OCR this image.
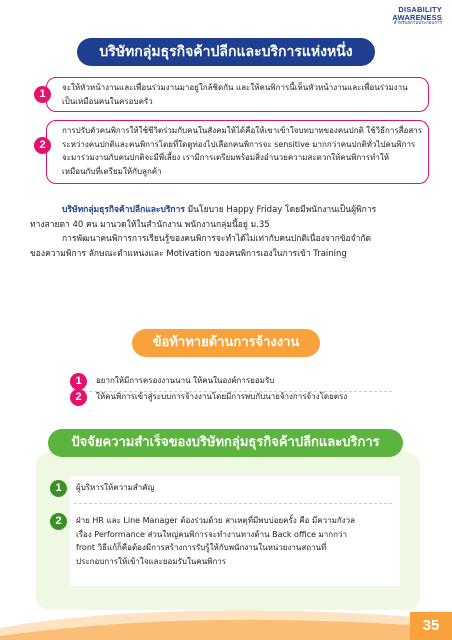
DISABILITY
AWARENESS
สำหรับสถานประกอบการ
บริษัทกลุ่มธุรกิจค้าปลีกและบริการแห่งหนึ่ง
1
จะให้หัวหน้างานและเพื่อนร่วมงานมาอยู่ใกล้ชิดกัน และให้คนพิการนี้เห็นหัวหน้างานและเพื่อนร่วมงาน
เป็นเหมือนคนในครอบครัว
2
การปรับตัวคนพิการให้ใช้ชีวิตร่วมกับคนในสังคมให้ได้คือให้เขาเข้าใจบทบาทของคนปกติ ใช้วิธีการสื่อสาร
ระหว่างคนปกติและคนพิการโดยที่ใดดูท่องไปเลือกคนพิการจะ sensitive มากกว่าคนปกติทั่วไปคนพิการ
จะมาร่วมงานกับคนปกติจะมีพี่เลี้ยง เรามีการเตรียมพร้อมสิ่งอำนวยความสะดวกให้คนพิการทำให้
เหมือนกับที่เตรียมให้กับลูกค้า
บริษัทกลุ่มธุรกิจค้าปลีกและบริการ มีนโยบาย Happy Friday โดยมีพนักงานเป็นผู้พิการ
ทางสายตา 40 คน มานวดให้ในสำนักงาน พนักงานกลุ่มนี้อยู่ ม.35
การพัฒนาคนพิการการเรียนรู้ของคนพิการจะทำได้ไม่เท่ากับคนปกติเนื่องจากข้อจำกัด
ของความพิการ ลักษณะตำแหน่งและ Motivation ของคนพิการเองในการเข้า Training
ข้อท้าทายด้านการจ้างงาน
1	อยากให้มีการครองงานนาน ให้คนในองค์การยอมรับ
2	ให้คนพิการเข้าสู่ระบบการจ้างงานโดยมีการพบกับนายจ้างการจ้างโดยตรง
ปัจจัยความสำเร็จของบริษัทกลุ่มธุรกิจค้าปลีกและบริการ
1	ผู้บริหารให้ความสำคัญ
2	ฝ่าย HR และ Line Manager ต้องร่วมด้วย สาเหตุที่มีพบบ่อยครั้ง คือ มีความกังวล
เรื่อง Performance ส่วนใหญ่คนพิการจะทำงานทางด้าน Back office มากกว่า
front วิธีแก้ก็คือต้องมีการสร้างการรับรู้ให้กับพนักงานในหน่วยงานสถานที่
ประกอบการให้เข้าใจและยอมรับในคนพิการ
35
